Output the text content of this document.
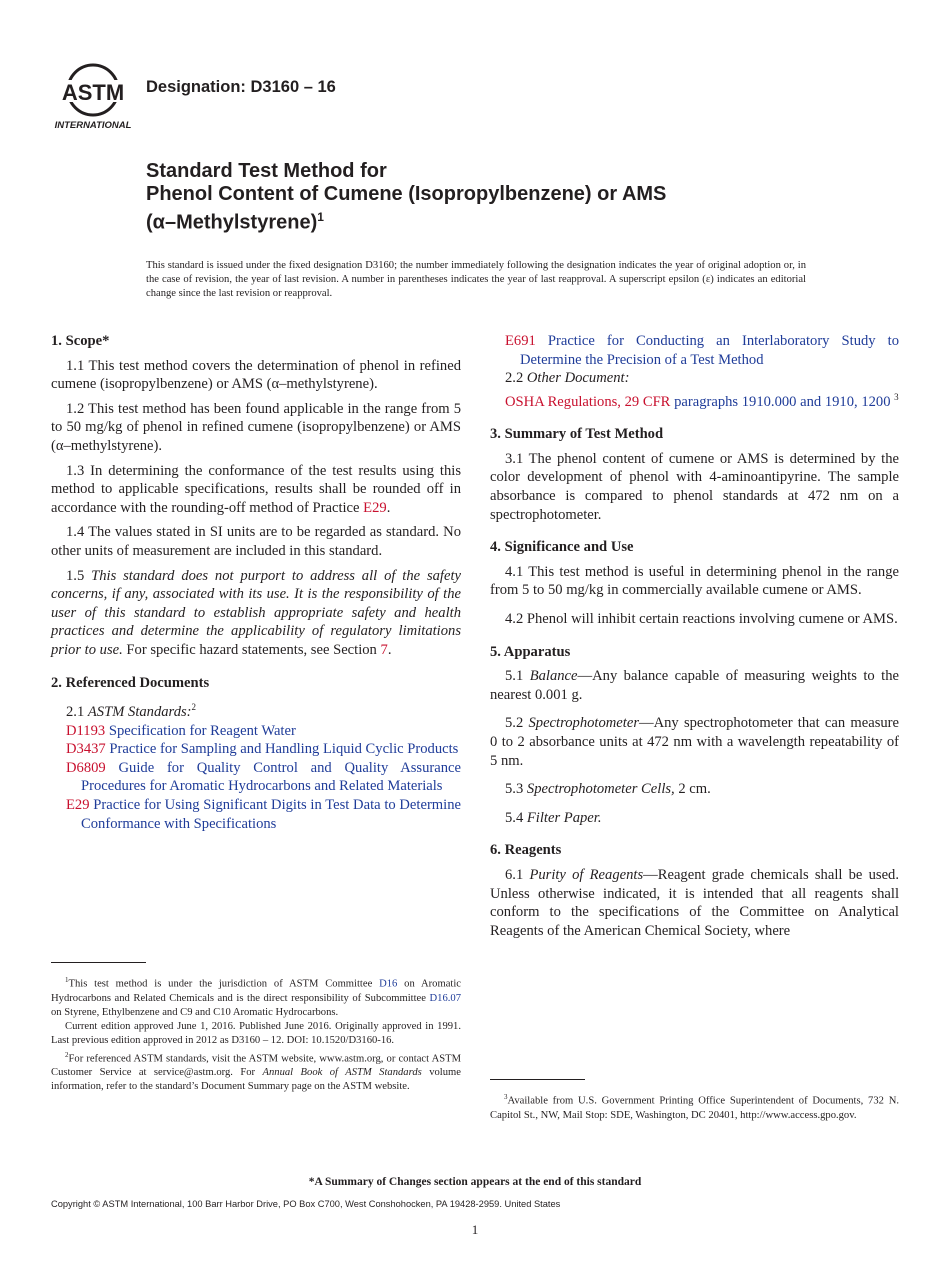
ASTM
INTERNATIONAL
Designation: D3160 – 16
Standard Test Method for
Phenol Content of Cumene (Isopropylbenzene) or AMS
(α–Methylstyrene)$^1$
This standard is issued under the fixed designation D3160; the number immediately following the designation indicates the year of original adoption or, in the case of revision, the year of last revision. A number in parentheses indicates the year of last reapproval. A superscript epsilon (ε) indicates an editorial change since the last revision or reapproval.

1. Scope*

1.1 This test method covers the determination of phenol in refined cumene (isopropylbenzene) or AMS (α–methylstyrene).

1.2 This test method has been found applicable in the range from 5 to 50 mg/kg of phenol in refined cumene (isopropylbenzene) or AMS (α–methylstyrene).

1.3 In determining the conformance of the test results using this method to applicable specifications, results shall be rounded off in accordance with the rounding-off method of Practice E29.

1.4 The values stated in SI units are to be regarded as standard. No other units of measurement are included in this standard.

1.5 This standard does not purport to address all of the safety concerns, if any, associated with its use. It is the responsibility of the user of this standard to establish appropriate safety and health practices and determine the applicability of regulatory limitations prior to use. For specific hazard statements, see Section 7.

2. Referenced Documents

2.1 ASTM Standards:$^2$

D1193 Specification for Reagent Water

D3437 Practice for Sampling and Handling Liquid Cyclic Products

D6809 Guide for Quality Control and Quality Assurance Procedures for Aromatic Hydrocarbons and Related Materials

E29 Practice for Using Significant Digits in Test Data to Determine Conformance with Specifications

$^1$This test method is under the jurisdiction of ASTM Committee D16 on Aromatic Hydrocarbons and Related Chemicals and is the direct responsibility of Subcommittee D16.07 on Styrene, Ethylbenzene and C9 and C10 Aromatic Hydrocarbons.

Current edition approved June 1, 2016. Published June 2016. Originally approved in 1991. Last previous edition approved in 2012 as D3160 – 12. DOI: 10.1520/D3160-16.

$^2$For referenced ASTM standards, visit the ASTM website, www.astm.org, or contact ASTM Customer Service at service@astm.org. For Annual Book of ASTM Standards volume information, refer to the standard’s Document Summary page on the ASTM website.

E691 Practice for Conducting an Interlaboratory Study to Determine the Precision of a Test Method

2.2 Other Document:

OSHA Regulations, 29 CFR paragraphs 1910.000 and 1910, 1200 $^3$

3. Summary of Test Method

3.1 The phenol content of cumene or AMS is determined by the color development of phenol with 4-aminoantipyrine. The sample absorbance is compared to phenol standards at 472 nm on a spectrophotometer.

4. Significance and Use

4.1 This test method is useful in determining phenol in the range from 5 to 50 mg/kg in commercially available cumene or AMS.

4.2 Phenol will inhibit certain reactions involving cumene or AMS.

5. Apparatus

5.1 Balance—Any balance capable of measuring weights to the nearest 0.001 g.

5.2 Spectrophotometer—Any spectrophotometer that can measure 0 to 2 absorbance units at 472 nm with a wavelength repeatability of 5 nm.

5.3 Spectrophotometer Cells, 2 cm.

5.4 Filter Paper.

6. Reagents

6.1 Purity of Reagents—Reagent grade chemicals shall be used. Unless otherwise indicated, it is intended that all reagents shall conform to the specifications of the Committee on Analytical Reagents of the American Chemical Society, where

$^3$Available from U.S. Government Printing Office Superintendent of Documents, 732 N. Capitol St., NW, Mail Stop: SDE, Washington, DC 20401, http://www.access.gpo.gov.

*A Summary of Changes section appears at the end of this standard
Copyright © ASTM International, 100 Barr Harbor Drive, PO Box C700, West Conshohocken, PA 19428-2959. United States
1
